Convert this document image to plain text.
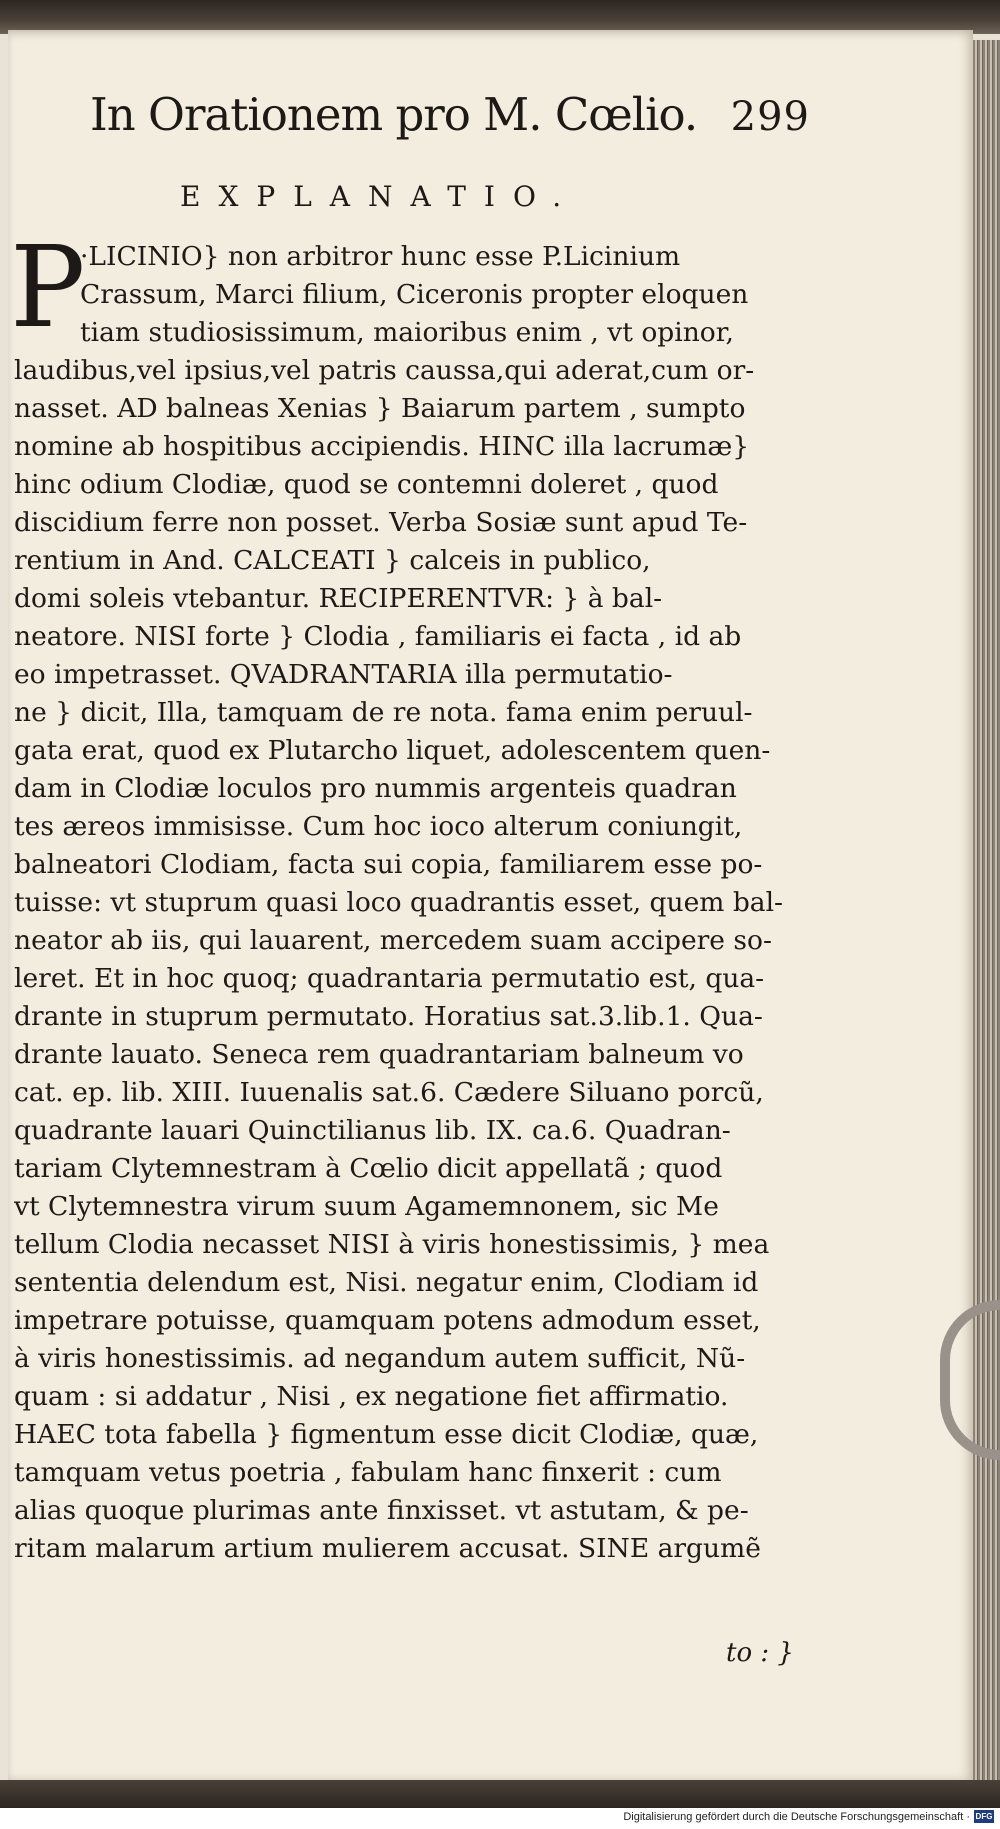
In Orationem pro M. Cœlio. 299
EXPLANATIO.
P
·LICINIO} non arbitror hunc esse P.Licinium
Crassum, Marci filium, Ciceronis propter eloquen
tiam studiosissimum, maioribus enim , vt opinor,
laudibus,vel ipsius,vel patris caussa,qui aderat,cum or-
nasset. AD balneas Xenias } Baiarum partem , sumpto
nomine ab hospitibus accipiendis. HINC illa lacrumæ}
hinc odium Clodiæ, quod se contemni doleret , quod
discidium ferre non posset. Verba Sosiæ sunt apud Te-
rentium in And. CALCEATI } calceis in publico,
domi soleis vtebantur. RECIPERENTVR: } à bal-
neatore. NISI forte } Clodia , familiaris ei facta , id ab
eo impetrasset. QVADRANTARIA illa permutatio-
ne } dicit, Illa, tamquam de re nota. fama enim peruul-
gata erat, quod ex Plutarcho liquet, adolescentem quen-
dam in Clodiæ loculos pro nummis argenteis quadran
tes æreos immisisse. Cum hoc ioco alterum coniungit,
balneatori Clodiam, facta sui copia, familiarem esse po-
tuisse: vt stuprum quasi loco quadrantis esset, quem bal-
neator ab iis, qui lauarent, mercedem suam accipere so-
leret. Et in hoc quoq; quadrantaria permutatio est, qua-
drante in stuprum permutato. Horatius sat.3.lib.1. Qua-
drante lauato. Seneca rem quadrantariam balneum vo
cat. ep. lib. XIII. Iuuenalis sat.6. Cædere Siluano porcũ,
quadrante lauari Quinctilianus lib. IX. ca.6. Quadran-
tariam Clytemnestram à Cœlio dicit appellatã ; quod
vt Clytemnestra virum suum Agamemnonem, sic Me
tellum Clodia necasset NISI à viris honestissimis, } mea
sententia delendum est, Nisi. negatur enim, Clodiam id
impetrare potuisse, quamquam potens admodum esset,
à viris honestissimis. ad negandum autem sufficit, Nũ-
quam : si addatur , Nisi , ex negatione fiet affirmatio.
HAEC tota fabella } figmentum esse dicit Clodiæ, quæ,
tamquam vetus poetria , fabulam hanc finxerit : cum
alias quoque plurimas ante finxisset. vt astutam, & pe-
ritam malarum artium mulierem accusat. SINE argumẽ
to : }
Digitalisierung gefördert durch die Deutsche Forschungsgemeinschaft · DFG
